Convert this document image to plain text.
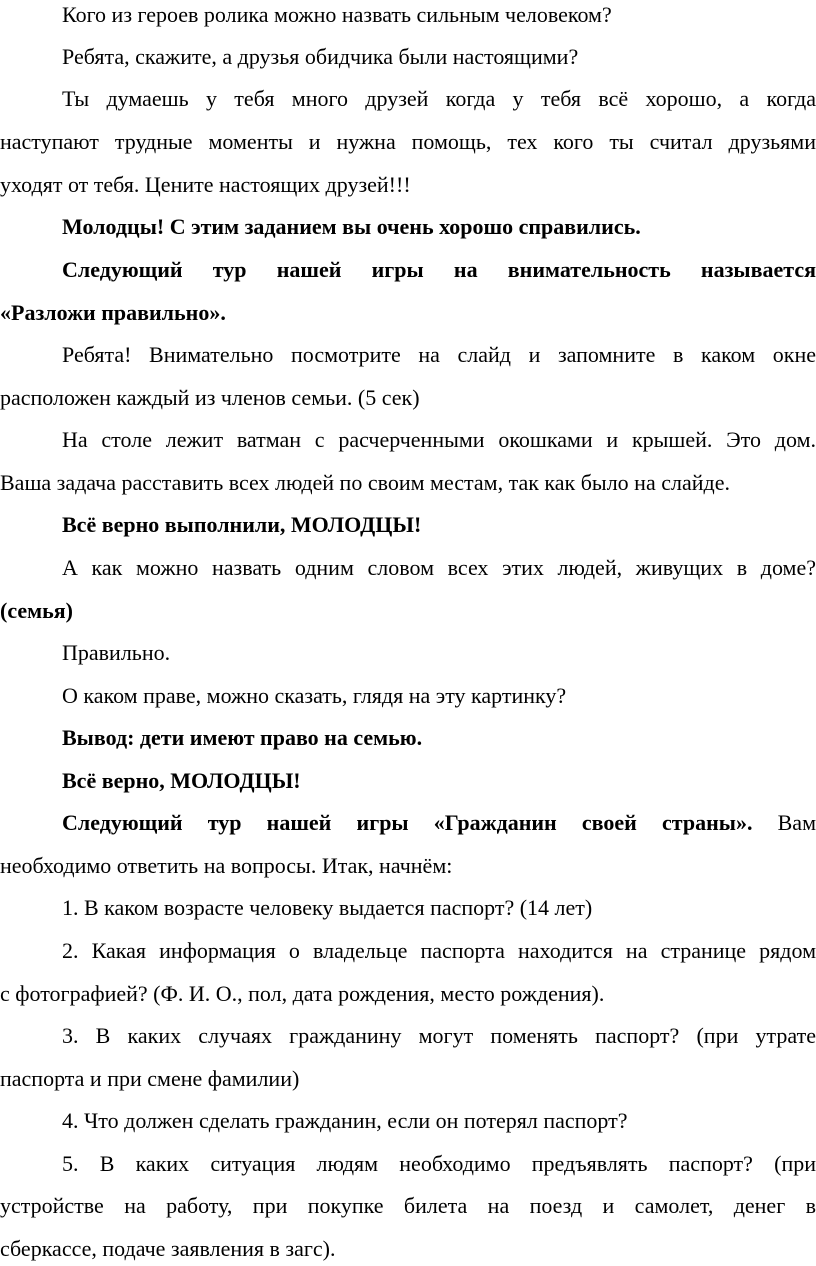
Кого из героев ролика можно назвать сильным человеком?

Ребята, скажите, а друзья обидчика были настоящими?

Ты думаешь у тебя много друзей когда у тебя всё хорошо, а когда

наступают трудные моменты и нужна помощь, тех кого ты считал друзьями

уходят от тебя. Цените настоящих друзей!!!

Молодцы! С этим заданием вы очень хорошо справились.

Следующий тур нашей игры на внимательность называется

«Разложи правильно».

Ребята! Внимательно посмотрите на слайд и запомните в каком окне

расположен каждый из членов семьи. (5 сек)

На столе лежит ватман с расчерченными окошками и крышей. Это дом.

Ваша задача расставить всех людей по своим местам, так как было на слайде.

Всё верно выполнили, МОЛОДЦЫ!

А как можно назвать одним словом всех этих людей, живущих в доме?

(семья)

Правильно.

О каком праве, можно сказать, глядя на эту картинку?

Вывод: дети имеют право на семью.

Всё верно, МОЛОДЦЫ!

Следующий тур нашей игры «Гражданин своей страны». Вам

необходимо ответить на вопросы. Итак, начнём:

1. В каком возрасте человеку выдается паспорт? (14 лет)

2. Какая информация о владельце паспорта находится на странице рядом

с фотографией? (Ф. И. О., пол, дата рождения, место рождения).

3. В каких случаях гражданину могут поменять паспорт? (при утрате

паспорта и при смене фамилии)

4. Что должен сделать гражданин, если он потерял паспорт?

5. В каких ситуация людям необходимо предъявлять паспорт? (при

устройстве на работу, при покупке билета на поезд и самолет, денег в

сберкассе, подаче заявления в загс).
